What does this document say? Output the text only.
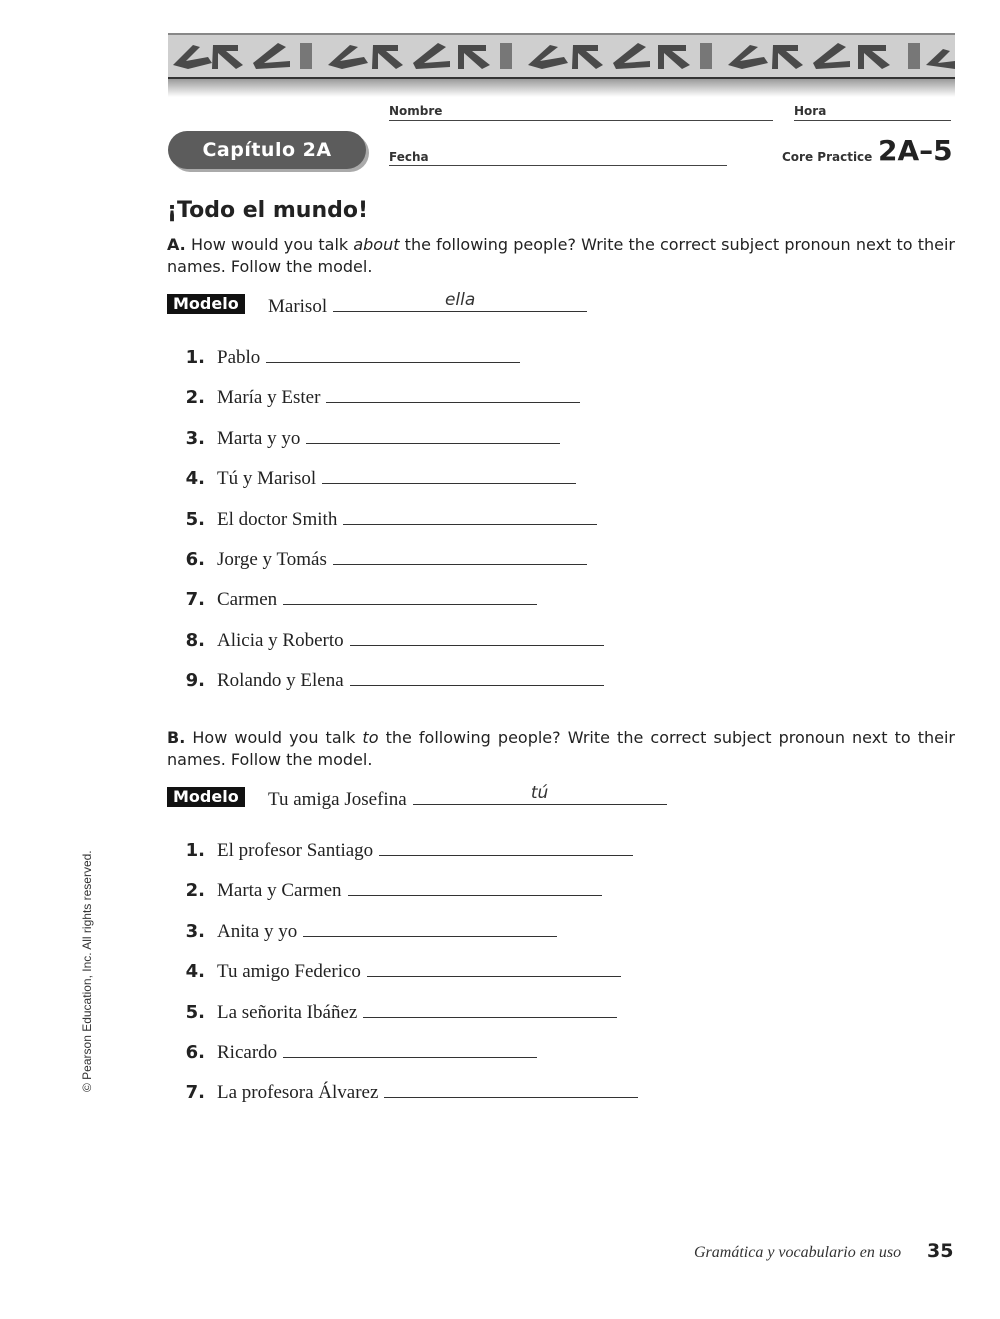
Nombre	Hora
Capítulo 2A	Fecha	Core Practice 2A–5
¡Todo el mundo!
A. How would you talk about the following people? Write the correct subject pronoun next to their names. Follow the model.
Modelo	Marisol	ella
1. Pablo
2. María y Ester
3. Marta y yo
4. Tú y Marisol
5. El doctor Smith
6. Jorge y Tomás
7. Carmen
8. Alicia y Roberto
9. Rolando y Elena
B. How would you talk to the following people? Write the correct subject pronoun next to their names. Follow the model.
Modelo	Tu amiga Josefina	tú
1. El profesor Santiago
2. Marta y Carmen
3. Anita y yo
4. Tu amigo Federico
5. La señorita Ibáñez
6. Ricardo
7. La profesora Álvarez
© Pearson Education, Inc. All rights reserved.
Gramática y vocabulario en uso 35
